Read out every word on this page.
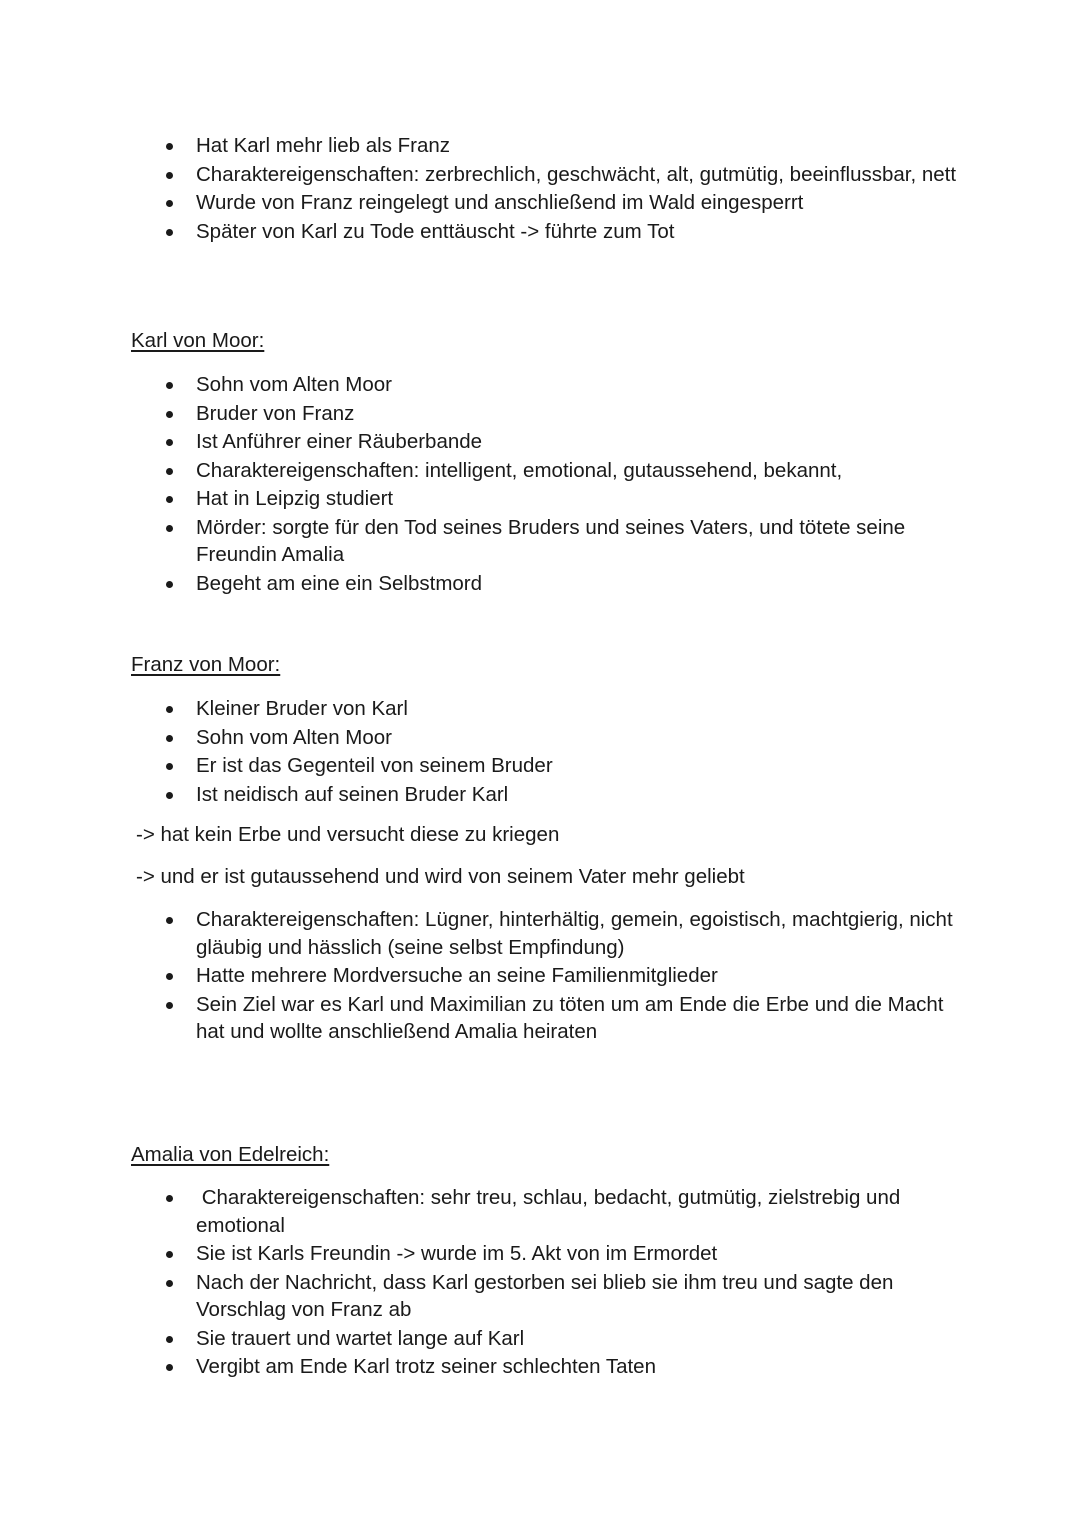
Hat Karl mehr lieb als Franz
Charaktereigenschaften: zerbrechlich, geschwächt, alt, gutmütig, beeinflussbar, nett
Wurde von Franz reingelegt und anschließend im Wald eingesperrt
Später von Karl zu Tode enttäuscht -> führte zum Tot
Karl von Moor:
Sohn vom Alten Moor
Bruder von Franz
Ist Anführer einer Räuberbande
Charaktereigenschaften: intelligent, emotional, gutaussehend, bekannt,
Hat in Leipzig studiert
Mörder: sorgte für den Tod seines Bruders und seines Vaters, und tötete seine Freundin Amalia
Begeht am eine ein Selbstmord
Franz von Moor:
Kleiner Bruder von Karl
Sohn vom Alten Moor
Er ist das Gegenteil von seinem Bruder
Ist neidisch auf seinen Bruder Karl
-> hat kein Erbe und versucht diese zu kriegen
-> und er ist gutaussehend und wird von seinem Vater mehr geliebt
Charaktereigenschaften: Lügner, hinterhältig, gemein, egoistisch, machtgierig, nicht gläubig und hässlich (seine selbst Empfindung)
Hatte mehrere Mordversuche an seine Familienmitglieder
Sein Ziel war es Karl und Maximilian zu töten um am Ende die Erbe und die Macht hat und wollte anschließend Amalia heiraten
Amalia von Edelreich:
Charaktereigenschaften: sehr treu, schlau, bedacht, gutmütig, zielstrebig und emotional
Sie ist Karls Freundin -> wurde im 5. Akt von im Ermordet
Nach der Nachricht, dass Karl gestorben sei blieb sie ihm treu und sagte den Vorschlag von Franz ab
Sie trauert und wartet lange auf Karl
Vergibt am Ende Karl trotz seiner schlechten Taten
